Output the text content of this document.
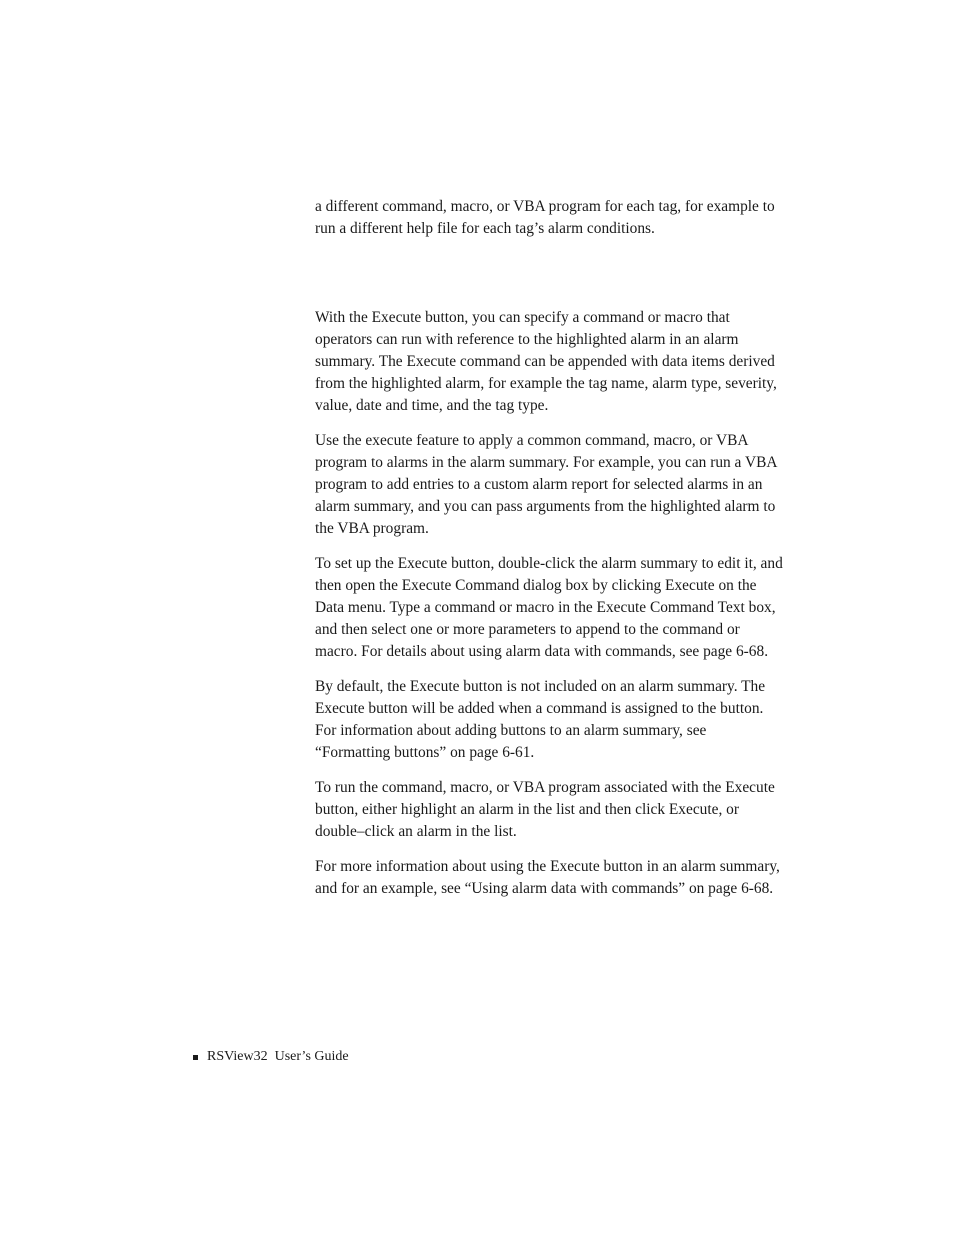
a different command, macro, or VBA program for each tag, for example to run a different help file for each tag’s alarm conditions.

With the Execute button, you can specify a command or macro that operators can run with reference to the highlighted alarm in an alarm summary. The Execute command can be appended with data items derived from the highlighted alarm, for example the tag name, alarm type, severity, value, date and time, and the tag type.

Use the execute feature to apply a common command, macro, or VBA program to alarms in the alarm summary. For example, you can run a VBA program to add entries to a custom alarm report for selected alarms in an alarm summary, and you can pass arguments from the highlighted alarm to the VBA program.

To set up the Execute button, double-click the alarm summary to edit it, and then open the Execute Command dialog box by clicking Execute on the Data menu. Type a command or macro in the Execute Command Text box, and then select one or more parameters to append to the command or macro. For details about using alarm data with commands, see page 6-68.

By default, the Execute button is not included on an alarm summary. The Execute button will be added when a command is assigned to the button. For information about adding buttons to an alarm summary, see “Formatting buttons” on page 6-61.

To run the command, macro, or VBA program associated with the Execute button, either highlight an alarm in the list and then click Execute, or double–click an alarm in the list.

For more information about using the Execute button in an alarm summary, and for an example, see “Using alarm data with commands” on page 6-68.

RSView32  User’s Guide
